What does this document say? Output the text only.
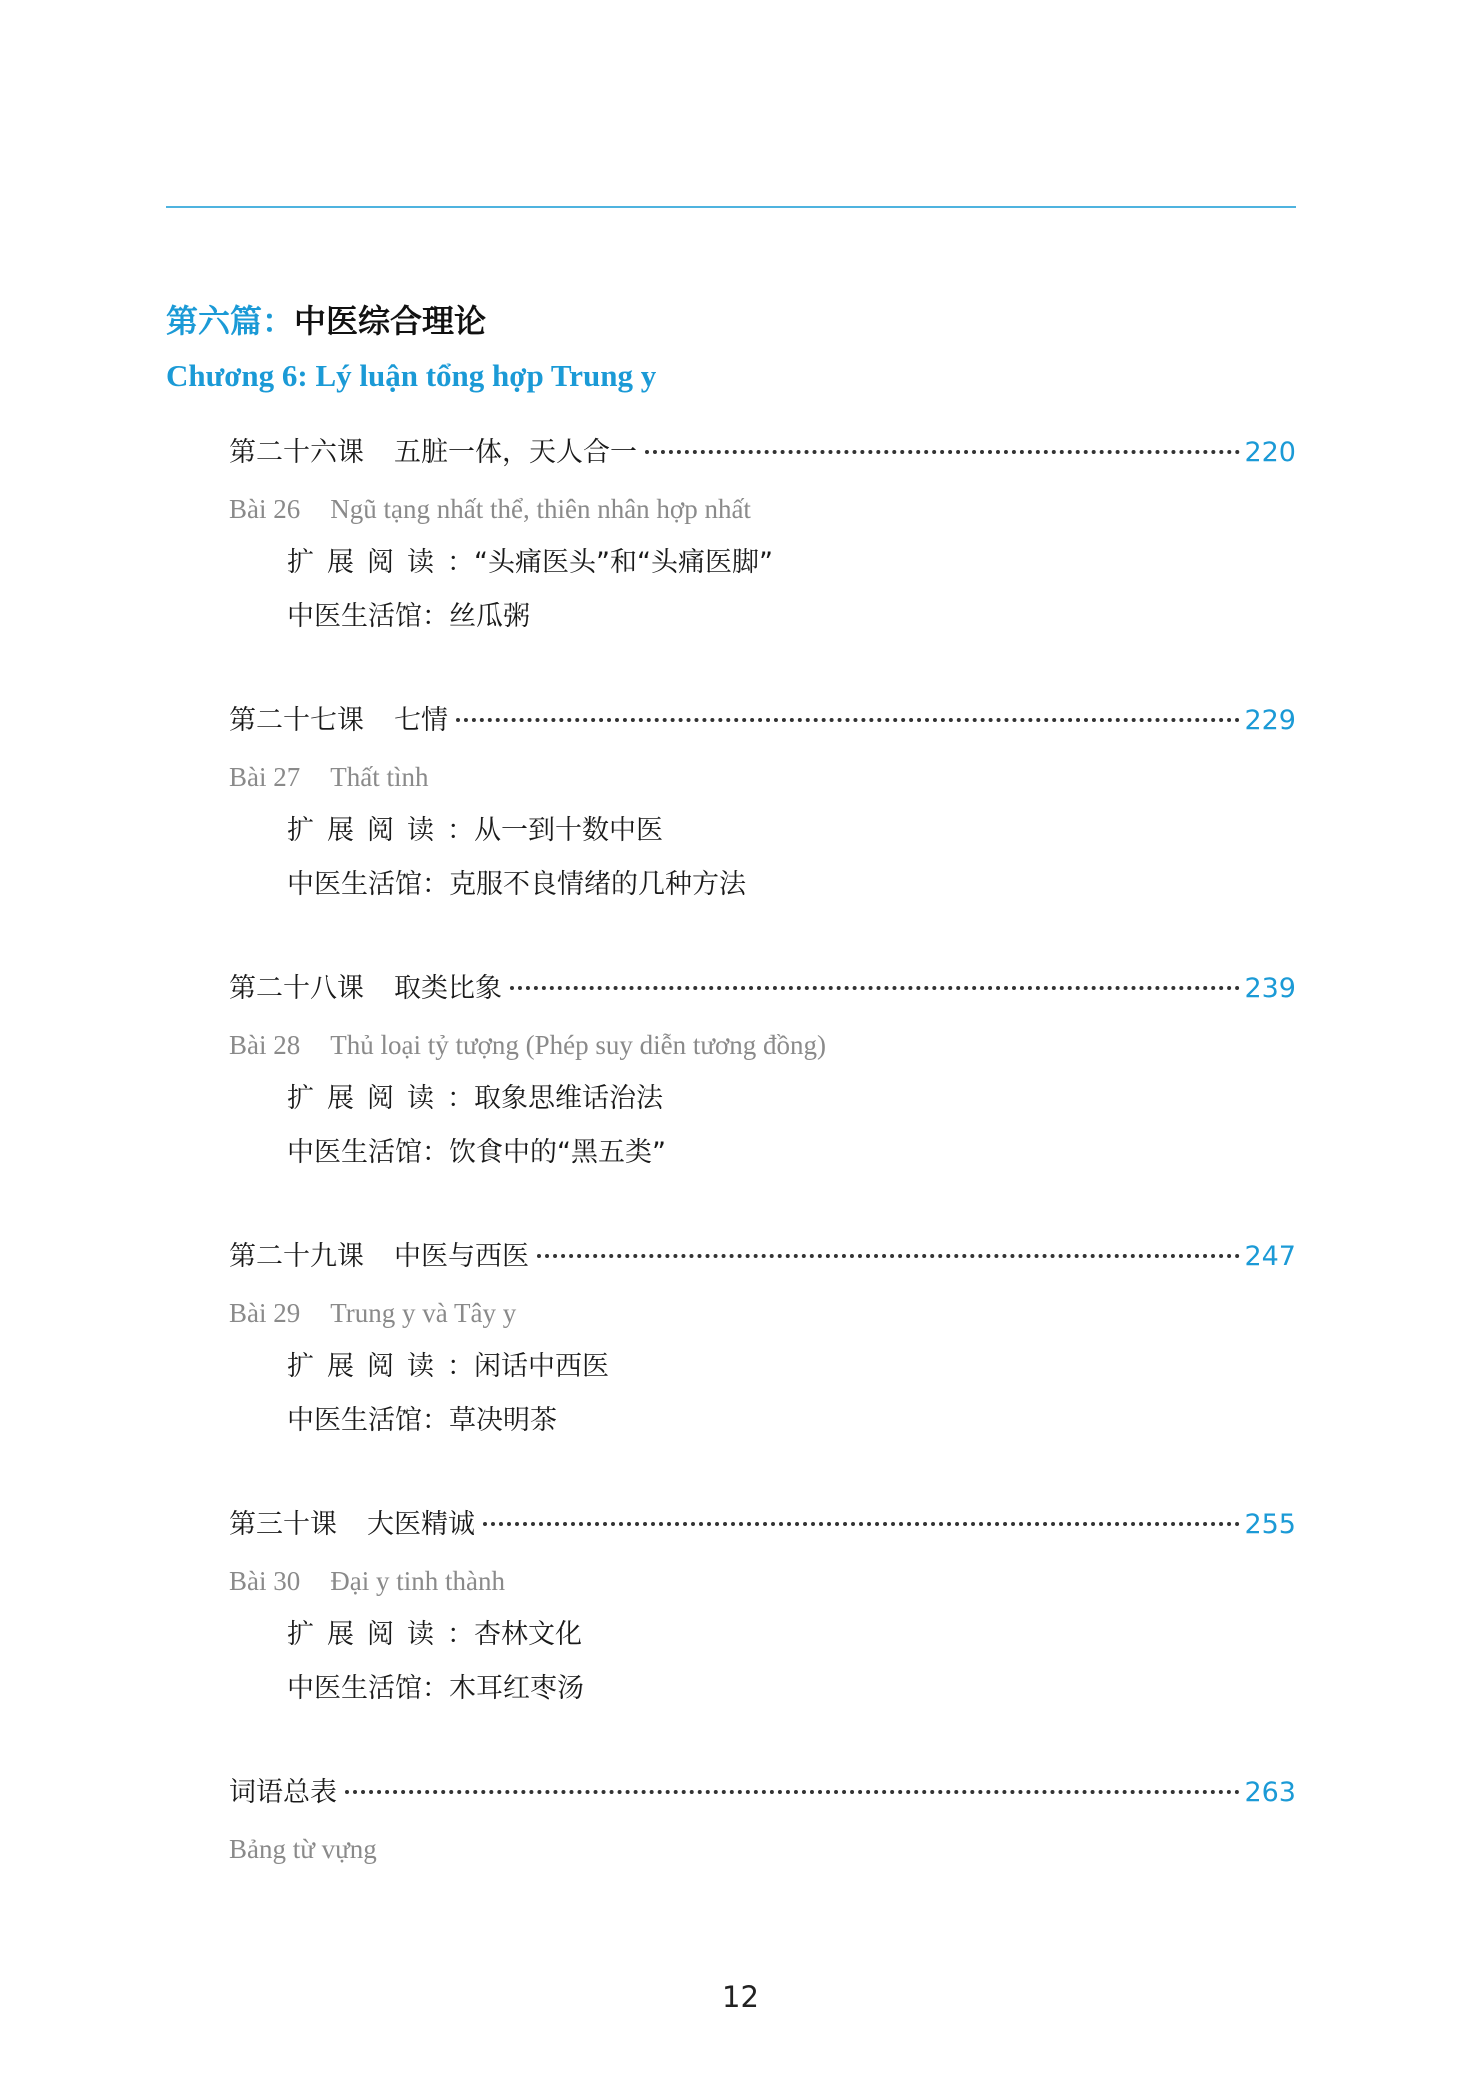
第六篇：中医综合理论
Chương 6: Lý luận tổng hợp Trung y
第二十六课 五脏一体，天人合一	220
Bài 26 Ngũ tạng nhất thể, thiên nhân hợp nhất
扩展阅读：“头痛医头”和“头痛医脚”
中医生活馆：丝瓜粥
第二十七课 七情	229
Bài 27 Thất tình
扩展阅读：从一到十数中医
中医生活馆：克服不良情绪的几种方法
第二十八课 取类比象	239
Bài 28 Thủ loại tỷ tượng (Phép suy diễn tương đồng)
扩展阅读：取象思维话治法
中医生活馆：饮食中的“黑五类”
第二十九课 中医与西医	247
Bài 29 Trung y và Tây y
扩展阅读：闲话中西医
中医生活馆：草决明茶
第三十课 大医精诚	255
Bài 30 Đại y tinh thành
扩展阅读：杏林文化
中医生活馆：木耳红枣汤
词语总表	263
Bảng từ vựng
12
